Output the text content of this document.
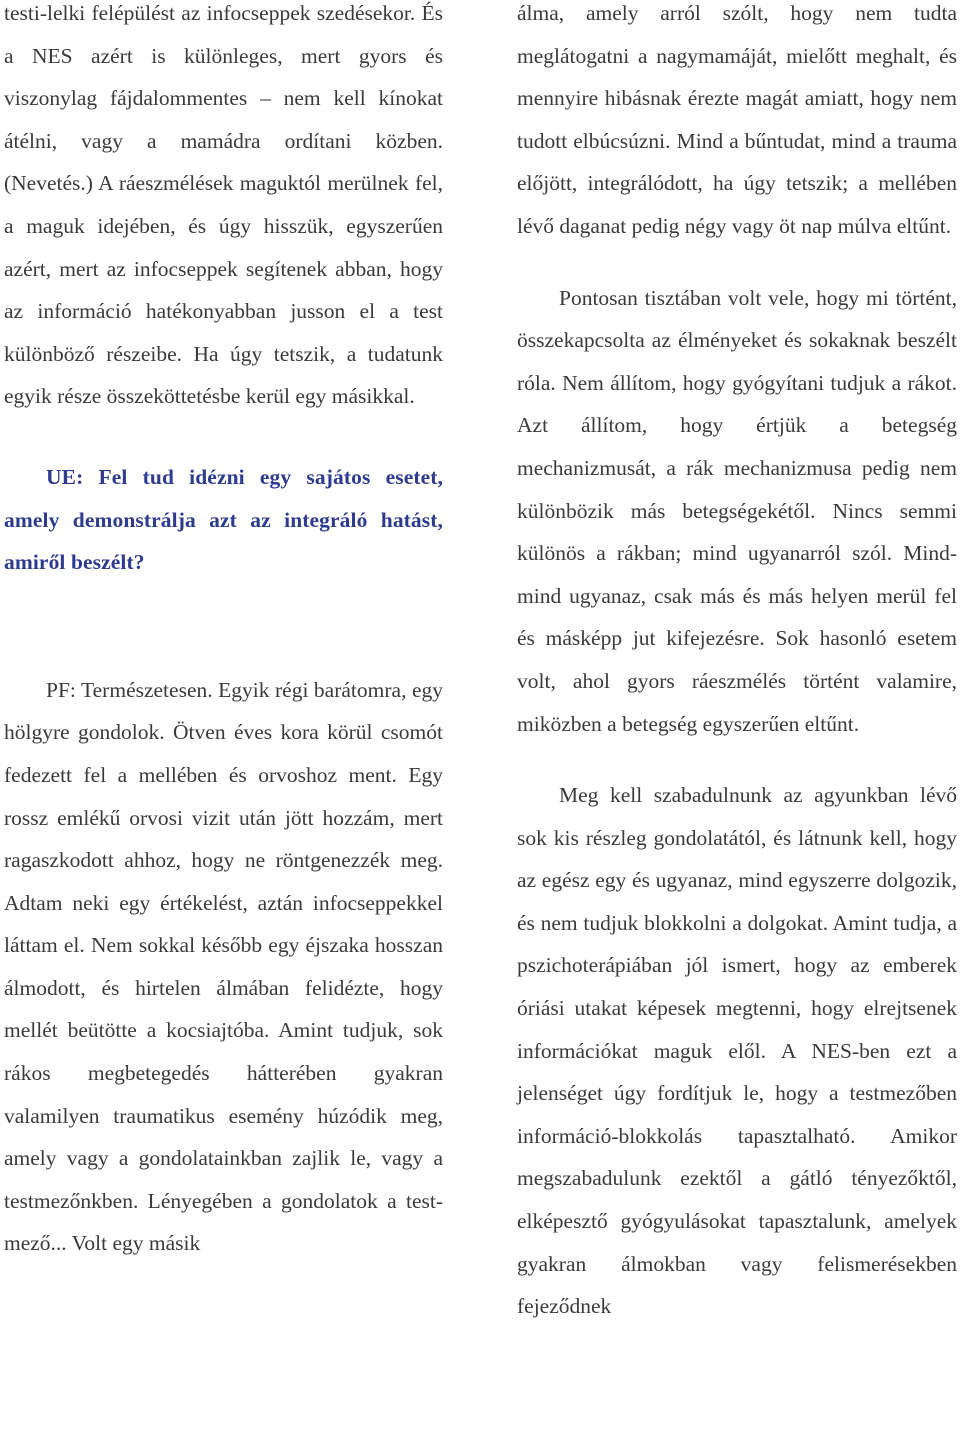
testi-lelki felépülést az infocseppek szedésekor. És a NES azért is különleges, mert gyors és viszonylag fájdalommentes – nem kell kínokat átélni, vagy a mamádra ordítani közben. (Nevetés.) A ráeszmélések maguktól merülnek fel, a maguk idejében, és úgy hisszük, egyszerűen azért, mert az infocseppek segítenek abban, hogy az információ hatékonyabban jusson el a test különböző részeibe. Ha úgy tetszik, a tudatunk egyik része összeköttetésbe kerül egy másikkal.

UE: Fel tud idézni egy sajátos esetet, amely demonstrálja azt az integráló hatást, amiről beszélt?

PF: Természetesen. Egyik régi barátomra, egy hölgyre gondolok. Ötven éves kora körül csomót fedezett fel a mellében és orvoshoz ment. Egy rossz emlékű orvosi vizit után jött hozzám, mert ragaszkodott ahhoz, hogy ne röntgenezzék meg. Adtam neki egy értékelést, aztán infocseppekkel láttam el. Nem sokkal később egy éjszaka hosszan álmodott, és hirtelen álmában felidézte, hogy mellét beütötte a kocsiajtóba. Amint tudjuk, sok rákos megbetegedés hátterében gyakran valamilyen traumatikus esemény húzódik meg, amely vagy a gondolatainkban zajlik le, vagy a testmezőnkben. Lényegében a gondolatok a test-mező... Volt egy másik

álma, amely arról szólt, hogy nem tudta meglátogatni a nagymamáját, mielőtt meghalt, és mennyire hibásnak érezte magát amiatt, hogy nem tudott elbúcsúzni. Mind a bűntudat, mind a trauma előjött, integrálódott, ha úgy tetszik; a mellében lévő daganat pedig négy vagy öt nap múlva eltűnt.

Pontosan tisztában volt vele, hogy mi történt, összekapcsolta az élményeket és sokaknak beszélt róla. Nem állítom, hogy gyógyítani tudjuk a rákot. Azt állítom, hogy értjük a betegség mechanizmusát, a rák mechanizmusa pedig nem különbözik más betegségekétől. Nincs semmi különös a rákban; mind ugyanarról szól. Mind-mind ugyanaz, csak más és más helyen merül fel és másképp jut kifejezésre. Sok hasonló esetem volt, ahol gyors ráeszmélés történt valamire, miközben a betegség egyszerűen eltűnt.

Meg kell szabadulnunk az agyunkban lévő sok kis részleg gondolatától, és látnunk kell, hogy az egész egy és ugyanaz, mind egyszerre dolgozik, és nem tudjuk blokkolni a dolgokat. Amint tudja, a pszichoterápiában jól ismert, hogy az emberek óriási utakat képesek megtenni, hogy elrejtsenek információkat maguk elől. A NES-ben ezt a jelenséget úgy fordítjuk le, hogy a testmezőben információ-blokkolás tapasztalható. Amikor megszabadulunk ezektől a gátló tényezőktől, elképesztő gyógyulásokat tapasztalunk, amelyek gyakran álmokban vagy felismerésekben fejeződnek
